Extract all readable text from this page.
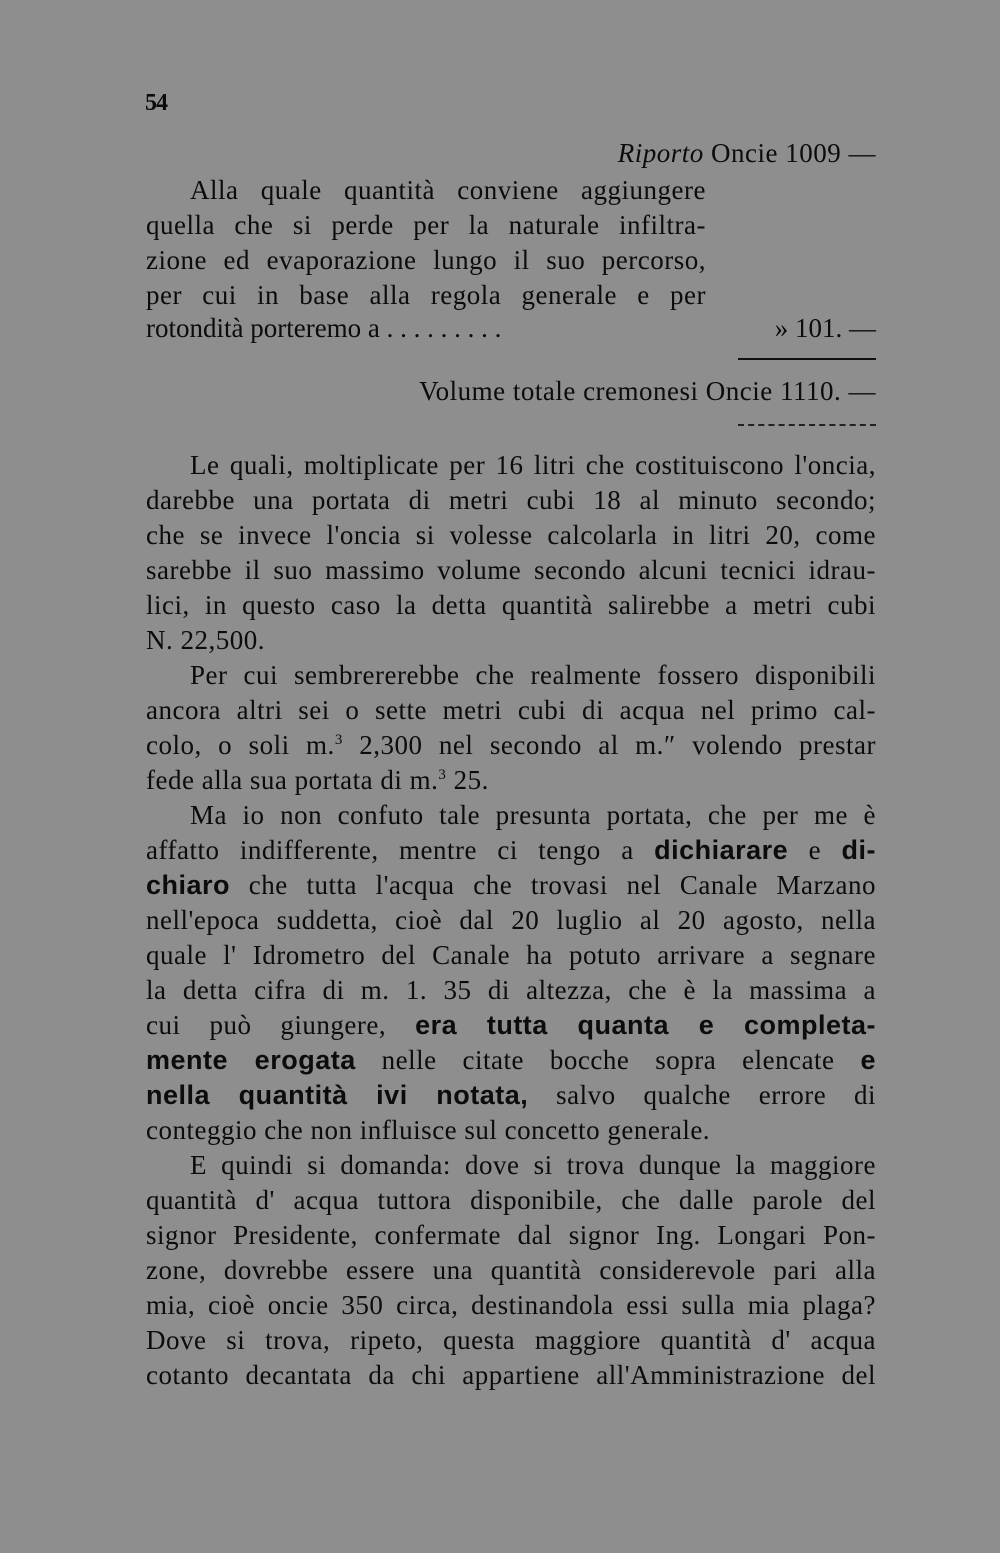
54
Riporto Oncie 1009 —
Alla quale quantità conviene aggiungere
quella che si perde per la naturale infiltra-
zione ed evaporazione lungo il suo percorso,
per cui in base alla regola generale e per
rotondità porteremo a . . . . . . . . .	» 101. —
Volume totale cremonesi Oncie 1110. —
Le quali, moltiplicate per 16 litri che costituiscono l'oncia,
darebbe una portata di metri cubi 18 al minuto secondo;
che se invece l'oncia si volesse calcolarla in litri 20, come
sarebbe il suo massimo volume secondo alcuni tecnici idrau-
lici, in questo caso la detta quantità salirebbe a metri cubi
N. 22,500.
Per cui sembrererebbe che realmente fossero disponibili
ancora altri sei o sette metri cubi di acqua nel primo cal-
colo, o soli m.$^3$ 2,300 nel secondo al m.″ volendo prestar
fede alla sua portata di m.$^3$ 25.
Ma io non confuto tale presunta portata, che per me è
affatto indifferente, mentre ci tengo a dichiarare e di-
chiaro che tutta l'acqua che trovasi nel Canale Marzano
nell'epoca suddetta, cioè dal 20 luglio al 20 agosto, nella
quale l' Idrometro del Canale ha potuto arrivare a segnare
la detta cifra di m. 1. 35 di altezza, che è la massima a
cui può giungere, era tutta quanta e completa-
mente erogata nelle citate bocche sopra elencate e
nella quantità ivi notata, salvo qualche errore di
conteggio che non influisce sul concetto generale.
E quindi si domanda: dove si trova dunque la maggiore
quantità d' acqua tuttora disponibile, che dalle parole del
signor Presidente, confermate dal signor Ing. Longari Pon-
zone, dovrebbe essere una quantità considerevole pari alla
mia, cioè oncie 350 circa, destinandola essi sulla mia plaga?
Dove si trova, ripeto, questa maggiore quantità d' acqua
cotanto decantata da chi appartiene all'Amministrazione del
